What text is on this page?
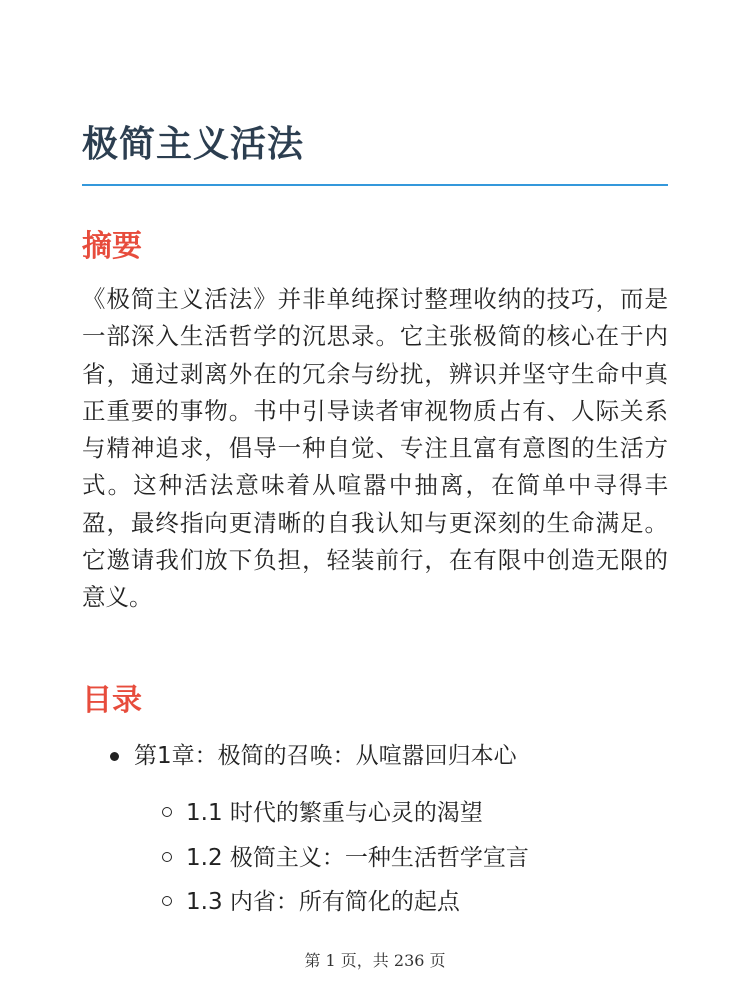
极简主义活法
摘要
《极简主义活法》并非单纯探讨整理收纳的技巧，而是一部深入生活哲学的沉思录。它主张极简的核心在于内省，通过剥离外在的冗余与纷扰，辨识并坚守生命中真正重要的事物。书中引导读者审视物质占有、人际关系与精神追求，倡导一种自觉、专注且富有意图的生活方式。这种活法意味着从喧嚣中抽离，在简单中寻得丰盈，最终指向更清晰的自我认知与更深刻的生命满足。它邀请我们放下负担，轻装前行，在有限中创造无限的意义。
目录
第1章：极简的召唤：从喧嚣回归本心
1.1 时代的繁重与心灵的渴望
1.2 极简主义：一种生活哲学宣言
1.3 内省：所有简化的起点
第 1 页，共 236 页
